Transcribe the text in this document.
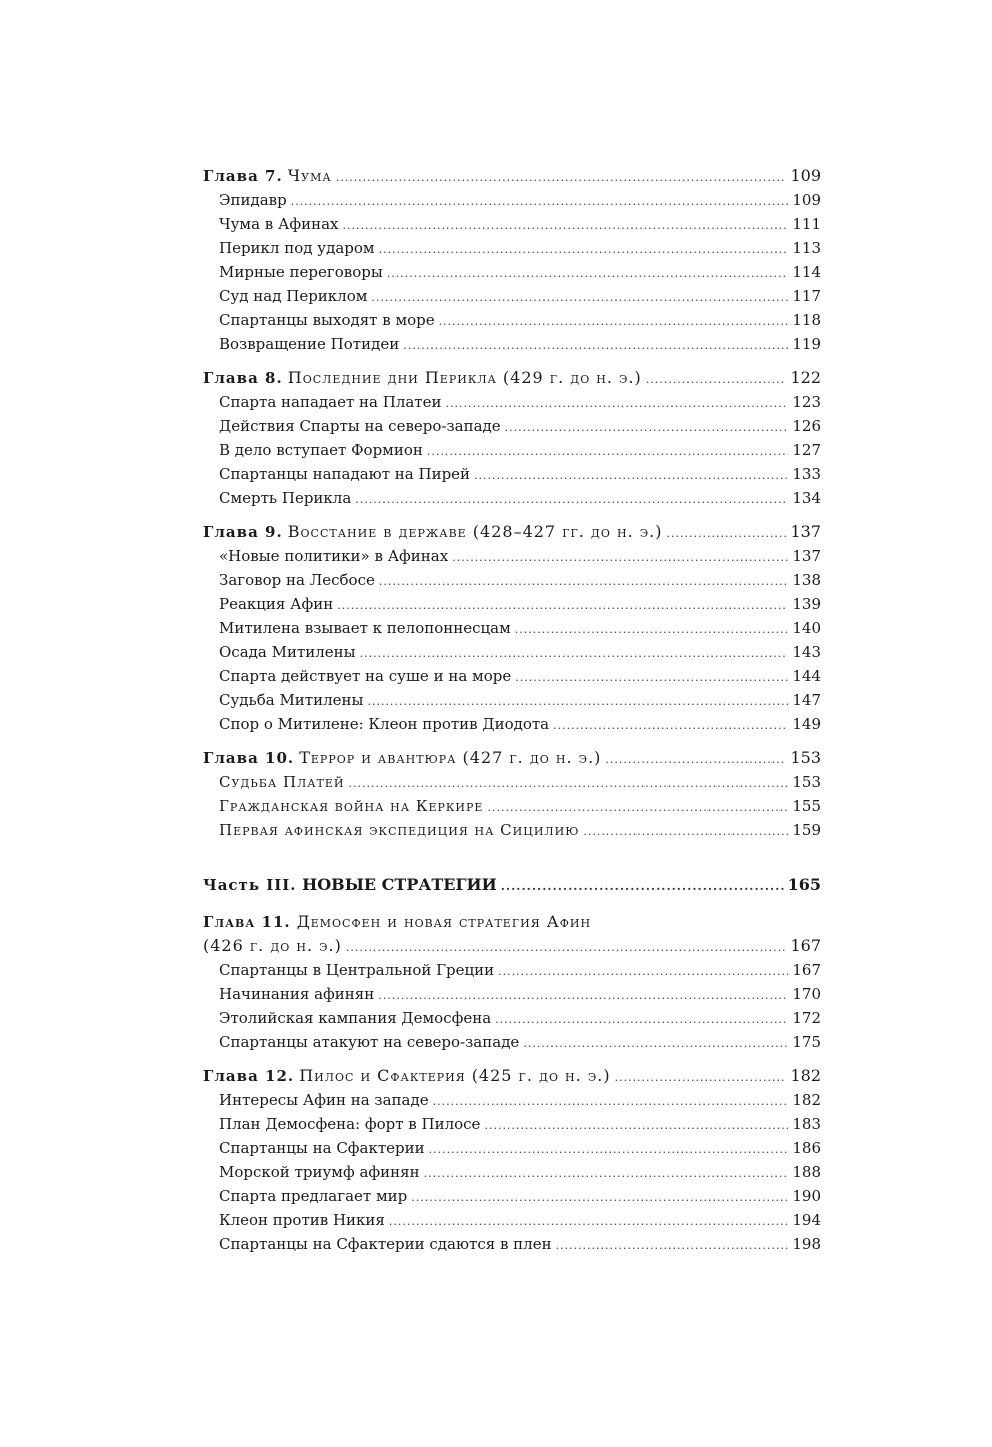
Глава 7. Чума .....	109
Эпидавр .....	109
Чума в Афинах .....	111
Перикл под ударом .....	113
Мирные переговоры .....	114
Суд над Периклом .....	117
Спартанцы выходят в море .....	118
Возвращение Потидеи .....	119
Глава 8. Последние дни Перикла (429 г. до н. э.) .....	122
Спарта нападает на Платеи .....	123
Действия Спарты на северо-западе .....	126
В дело вступает Формион .....	127
Спартанцы нападают на Пирей .....	133
Смерть Перикла .....	134
Глава 9. Восстание в державе (428–427 гг. до н. э.) .....	137
«Новые политики» в Афинах .....	137
Заговор на Лесбосе .....	138
Реакция Афин .....	139
Митилена взывает к пелопоннесцам .....	140
Осада Митилены .....	143
Спарта действует на суше и на море .....	144
Судьба Митилены .....	147
Спор о Митилене: Клеон против Диодота .....	149
Глава 10. Террор и авантюра (427 г. до н. э.) .....	153
Судьба Платей .....	153
Гражданская война на Керкире .....	155
Первая афинская экспедиция на Сицилию .....	159
Часть III. НОВЫЕ СТРАТЕГИИ .....	165
Глава 11. Демосфен и новая стратегия Афин
(426 г. до н. э.) .....	167
Спартанцы в Центральной Греции .....	167
Начинания афинян .....	170
Этолийская кампания Демосфена .....	172
Спартанцы атакуют на северо-западе .....	175
Глава 12. Пилос и Сфактерия (425 г. до н. э.) .....	182
Интересы Афин на западе .....	182
План Демосфена: форт в Пилосе .....	183
Спартанцы на Сфактерии .....	186
Морской триумф афинян .....	188
Спарта предлагает мир .....	190
Клеон против Никия .....	194
Спартанцы на Сфактерии сдаются в плен .....	198
